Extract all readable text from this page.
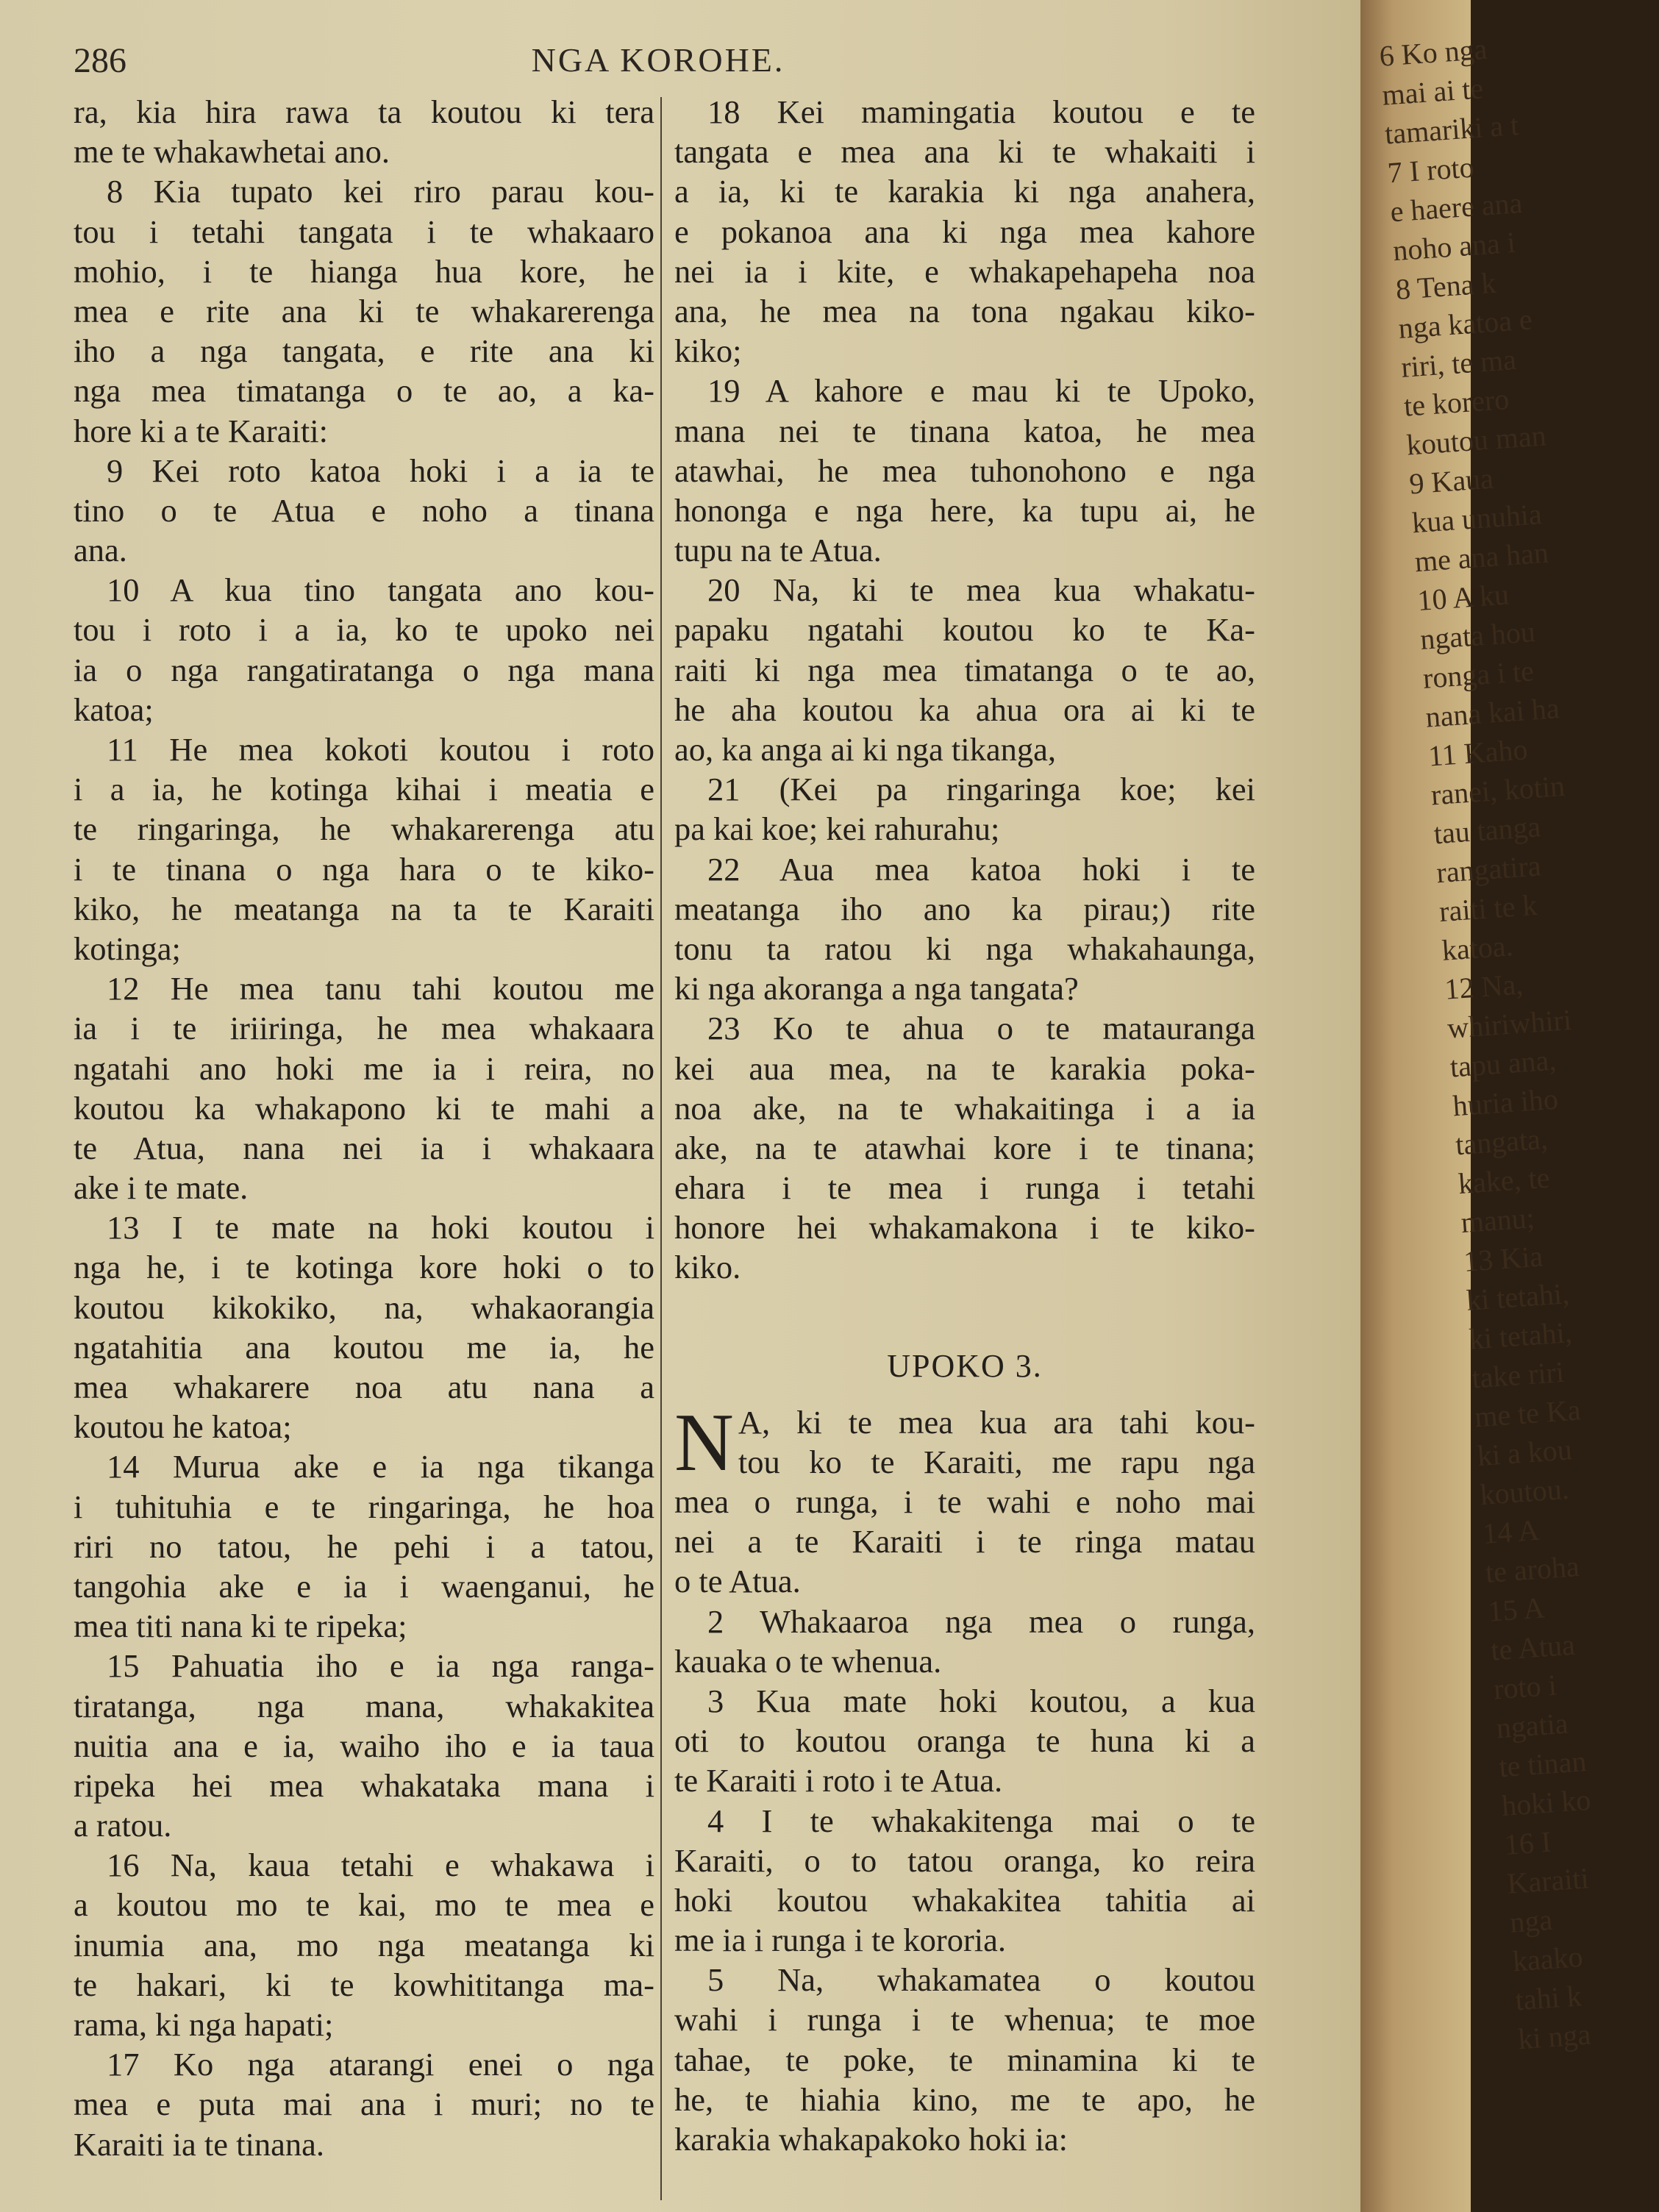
286	NGA KOROHE.
ra, kia hira rawa ta koutou ki tera
me te whakawhetai ano.
8 Kia tupato kei riro parau kou-
tou i tetahi tangata i te whakaaro
mohio, i te hianga hua kore, he
mea e rite ana ki te whakarerenga
iho a nga tangata, e rite ana ki
nga mea timatanga o te ao, a ka-
hore ki a te Karaiti:
9 Kei roto katoa hoki i a ia te
tino o te Atua e noho a tinana
ana.
10 A kua tino tangata ano kou-
tou i roto i a ia, ko te upoko nei
ia o nga rangatiratanga o nga mana
katoa;
11 He mea kokoti koutou i roto
i a ia, he kotinga kihai i meatia e
te ringaringa, he whakarerenga atu
i te tinana o nga hara o te kiko-
kiko, he meatanga na ta te Karaiti
kotinga;
12 He mea tanu tahi koutou me
ia i te iriiringa, he mea whakaara
ngatahi ano hoki me ia i reira, no
koutou ka whakapono ki te mahi a
te Atua, nana nei ia i whakaara
ake i te mate.
13 I te mate na hoki koutou i
nga he, i te kotinga kore hoki o to
koutou kikokiko, na, whakaorangia
ngatahitia ana koutou me ia, he
mea whakarere noa atu nana a
koutou he katoa;
14 Murua ake e ia nga tikanga
i tuhituhia e te ringaringa, he hoa
riri no tatou, he pehi i a tatou,
tangohia ake e ia i waenganui, he
mea titi nana ki te ripeka;
15 Pahuatia iho e ia nga ranga-
tiratanga, nga mana, whakakitea
nuitia ana e ia, waiho iho e ia taua
ripeka hei mea whakataka mana i
a ratou.
16 Na, kaua tetahi e whakawa i
a koutou mo te kai, mo te mea e
inumia ana, mo nga meatanga ki
te hakari, ki te kowhititanga ma-
rama, ki nga hapati;
17 Ko nga atarangi enei o nga
mea e puta mai ana i muri; no te
Karaiti ia te tinana.
18 Kei mamingatia koutou e te
tangata e mea ana ki te whakaiti i
a ia, ki te karakia ki nga anahera,
e pokanoa ana ki nga mea kahore
nei ia i kite, e whakapehapeha noa
ana, he mea na tona ngakau kiko-
kiko;
19 A kahore e mau ki te Upoko,
mana nei te tinana katoa, he mea
atawhai, he mea tuhonohono e nga
hononga e nga here, ka tupu ai, he
tupu na te Atua.
20 Na, ki te mea kua whakatu-
papaku ngatahi koutou ko te Ka-
raiti ki nga mea timatanga o te ao,
he aha koutou ka ahua ora ai ki te
ao, ka anga ai ki nga tikanga,
21 (Kei pa ringaringa koe; kei
pa kai koe; kei rahurahu;
22 Aua mea katoa hoki i te
meatanga iho ano ka pirau;) rite
tonu ta ratou ki nga whakahaunga,
ki nga akoranga a nga tangata?
23 Ko te ahua o te matauranga
kei aua mea, na te karakia poka-
noa ake, na te whakaitinga i a ia
ake, na te atawhai kore i te tinana;
ehara i te mea i runga i tetahi
honore hei whakamakona i te kiko-
kiko.
UPOKO 3.
N A, ki te mea kua ara tahi kou-
tou ko te Karaiti, me rapu nga
mea o runga, i te wahi e noho mai
nei a te Karaiti i te ringa matau
o te Atua.
2 Whakaaroa nga mea o runga,
kauaka o te whenua.
3 Kua mate hoki koutou, a kua
oti to koutou oranga te huna ki a
te Karaiti i roto i te Atua.
4 I te whakakitenga mai o te
Karaiti, o to tatou oranga, ko reira
hoki koutou whakakitea tahitia ai
me ia i runga i te kororia.
5 Na, whakamatea o koutou
wahi i runga i te whenua; te moe
tahae, te poke, te minamina ki te
he, te hiahia kino, me te apo, he
karakia whakapakoko hoki ia:
6 Ko nga
mai ai te
tamariki a t
7 I roto
e haere ana
noho ana i
8 Tena k
nga katoa e
riri, te ma
te korero
koutou man
9 Kaua
kua unuhia
me ana han
10 A ku
ngata hou
ronga i te
nana kai ha
11 Kaho
ranei, kotin
tau tanga
rangatira
raiti te k
katoa.
12 Na,
whiriwhiri
tapu ana,
huria iho
tangata,
kake, te
manu;
13 Kia
ki tetahi,
ki tetahi,
take riri
me te Ka
ki a kou
koutou.
14 A
te aroha
15 A
te Atua
roto i
ngatia
te tinan
hoki ko
16 I
Karaiti
nga
kaako
tahi k
ki nga
